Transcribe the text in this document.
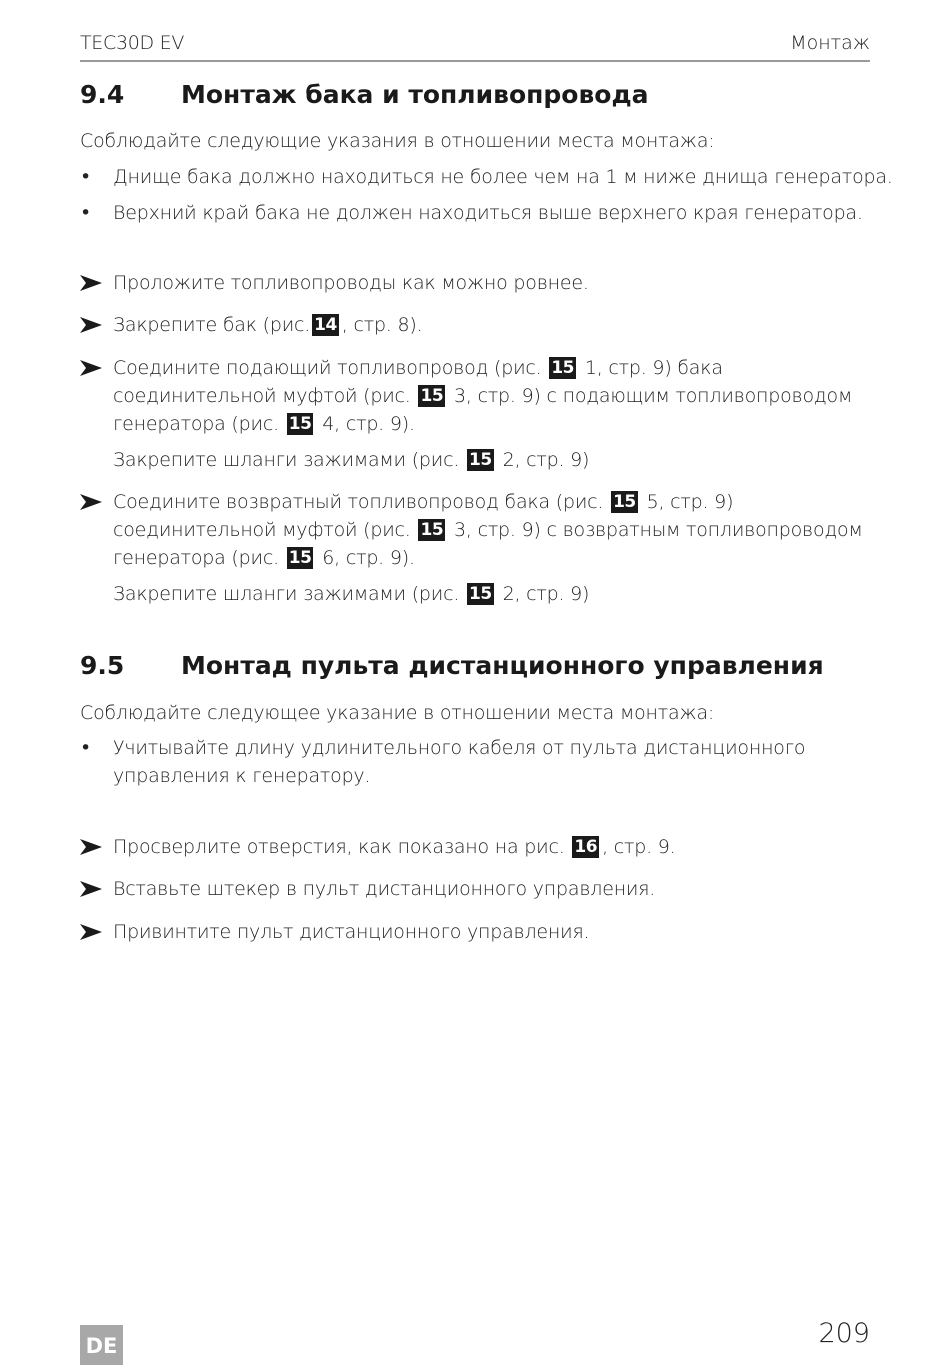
TEC30D EV	Монтаж
9.4 Монтаж бака и топливопровода
Соблюдайте следующие указания в отношении места монтажа:
• Днище бака должно находиться не более чем на 1 м ниже днища генератора.
• Верхний край бака не должен находиться выше верхнего края генератора.
Проложите топливопроводы как можно ровнее.
Закрепите бак (рис. 14 , стр. 8).
Соедините подающий топливопровод (рис. 15 1, стр. 9) бака
соединительной муфтой (рис. 15 3, стр. 9) с подающим топливопроводом
генератора (рис. 15 4, стр. 9).
Закрепите шланги зажимами (рис. 15 2, стр. 9)
Соедините возвратный топливопровод бака (рис. 15 5, стр. 9)
соединительной муфтой (рис. 15 3, стр. 9) с возвратным топливопроводом
генератора (рис. 15 6, стр. 9).
Закрепите шланги зажимами (рис. 15 2, стр. 9)
9.5 Монтад пульта дистанционного управления
Соблюдайте следующее указание в отношении места монтажа:
• Учитывайте длину удлинительного кабеля от пульта дистанционного
управления к генератору.
Просверлите отверстия, как показано на рис. 16 , стр. 9.
Вставьте штекер в пульт дистанционного управления.
Привинтите пульт дистанционного управления.
209
DE
